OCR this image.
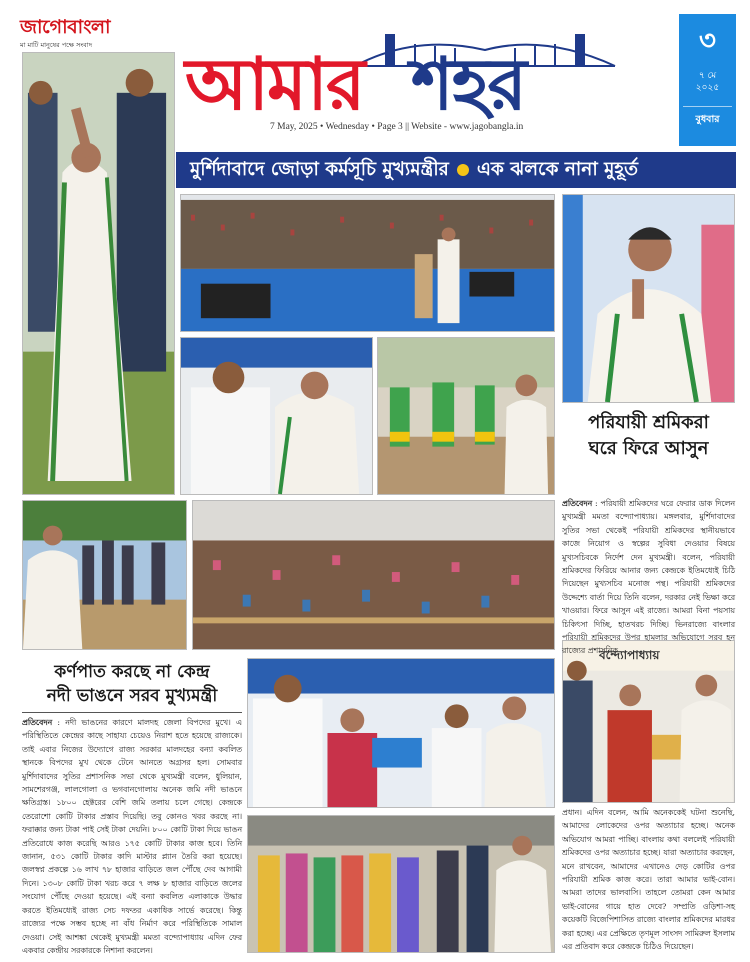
জাগোবাংলা
মা মাটি মানুষের পক্ষে সংবাদ	আমার শহর
7 May, 2025 • Wednesday • Page 3 || Website - www.jagobangla.in
৩
৭ মে
২০২৫
বুধবার
মুর্শিদাবাদে জোড়া কর্মসূচি মুখ্যমন্ত্রীর এক ঝলকে নানা মুহূর্ত
বন্দ্যোপাধ্যায়
পরিযায়ী শ্রমিকরা
ঘরে ফিরে আসুন
প্রতিবেদন : পরিযায়ী শ্রমিকদের ঘরে ফেরার ডাক দিলেন মুখ্যমন্ত্রী মমতা বন্দ্যোপাধ্যায়। মঙ্গলবার, মুর্শিদাবাদের সুতির সভা থেকেই পরিযায়ী শ্রমিকদের স্থানীয়ভাবে কাজে নিয়োগ ও স্বল্পের সুবিধা দেওয়ার বিষয়ে মুখ্যসচিবকে নির্দেশ দেন মুখ্যমন্ত্রী। বলেন, পরিযায়ী শ্রমিকদের ফিরিয়ে আনার জন্য কেন্দ্রকে ইতিমধ্যেই চিঠি দিয়েছেন মুখ্যসচিব মনোজ পন্থ। পরিযায়ী শ্রমিকদের উদ্দেশ্যে বার্তা দিয়ে তিনি বলেন, দরকার নেই ভিক্ষা করে খাওয়ার। ফিরে আসুন এই রাজ্যে। আমরা বিনা পয়সায় চিকিৎসা দিচ্ছি, হাতখরচ দিচ্ছি। ভিনরাজ্যে বাংলার পরিযায়ী শ্রমিকদের উপর হামলার অভিযোগে সরব হন রাজ্যের প্রশাসনিক
প্রধান। এদিন বলেন, আমি অনেককেই ঘটনা শুনেছি, আমাদের লোকেদের ওপর অত্যাচার হচ্ছে। অনেক অভিযোগ আমরা পাচ্ছি। বাংলায় কথা বললেই পরিযায়ী শ্রমিকদের ওপর অত্যাচার হচ্ছে। যারা অত্যাচার করছেন, মনে রাখবেন, আমাদের এখানেও দেড় কোটির ওপর পরিযায়ী শ্রমিক কাজ করে। তারা আমার ভাই-বোন। আমরা তাদের ভালবাসি। তাহলে তোমরা কেন আমার ভাই-বোনের গায়ে হাত দেবে? সম্প্রতি ওড়িশা-সহ কয়েকটি বিজেপিশাসিত রাজ্যে বাংলার শ্রমিকদের মারধর করা হচ্ছে। এর প্রেক্ষিতে তৃণমূল সাংসদ সামিরুল ইসলাম এর প্রতিবাদ করে কেন্দ্রকে চিঠিও দিয়েছেন।
কর্ণপাত করছে না কেন্দ্র
নদী ভাঙনে সরব মুখ্যমন্ত্রী
প্রতিবেদন : নদী ভাঙনের কারণে মালদহ জেলা বিপদের মুখে। এ পরিস্থিতিতে কেন্দ্রের কাছে সাহায্য চেয়েও নিরাশ হতে হয়েছে রাজ্যকে। তাই এবার নিজের উদ্যোগে রাজ্য সরকার মালদহের বন্যা কবলিত স্থানকে বিপদের মুখ থেকে টেনে আনতে অগ্রসর হল। সোমবার মুর্শিদাবাদের সুতির প্রশাসনিক সভা থেকে মুখ্যমন্ত্রী বলেন, ধুলিয়ান, সামশেরগঞ্জ, লালগোলা ও ভগবানগোলায় অনেক জমি নদী ভাঙনে ক্ষতিগ্রস্ত। ১৮০০ হেক্টরের বেশি জমি তলায় চলে গেছে। কেন্দ্রকে তেরোশো কোটি টাকার প্রস্তাব দিয়েছি। তবু কোনও খবর করছে না। ফরাক্কার জন্য টাকা পাই সেই টাকা দেয়নি। ৮০০ কোটি টাকা দিয়ে ভাঙন প্রতিরোধে কাজ করেছি আরও ১৭৫ কোটি টাকার কাজ হবে। তিনি জানান, ৫৩১ কোটি টাকার কাদি মাস্টার প্ল্যান তৈরি করা হয়েছে। জলস্বপ্ন প্রকল্পে ১৬ লাখ ৭৮ হাজার বাড়িতে জল পৌঁছে দেব আগামী দিনে। ১৩০৮ কোটি টাকা খরচ করে ৭ লক্ষ ৮ হাজার বাড়িতে জলের সংযোগ পৌঁছে দেওয়া হয়েছে। এই বন্যা কবলিত এলাকাকে উদ্ধার করতে ইতিমধ্যেই রাজ্য সেচ দফতর একাধিক সার্ভে করেছে। কিন্তু রাজ্যের পক্ষে সম্ভব হচ্ছে না বাঁধ নির্মাণ করে পরিস্থিতিকে সামাল দেওয়া। সেই আশঙ্কা থেকেই মুখ্যমন্ত্রী মমতা বন্দ্যোপাধ্যায় এদিন ফের একবার কেন্দ্রীয় সরকারকে নিশানা করলেন।
